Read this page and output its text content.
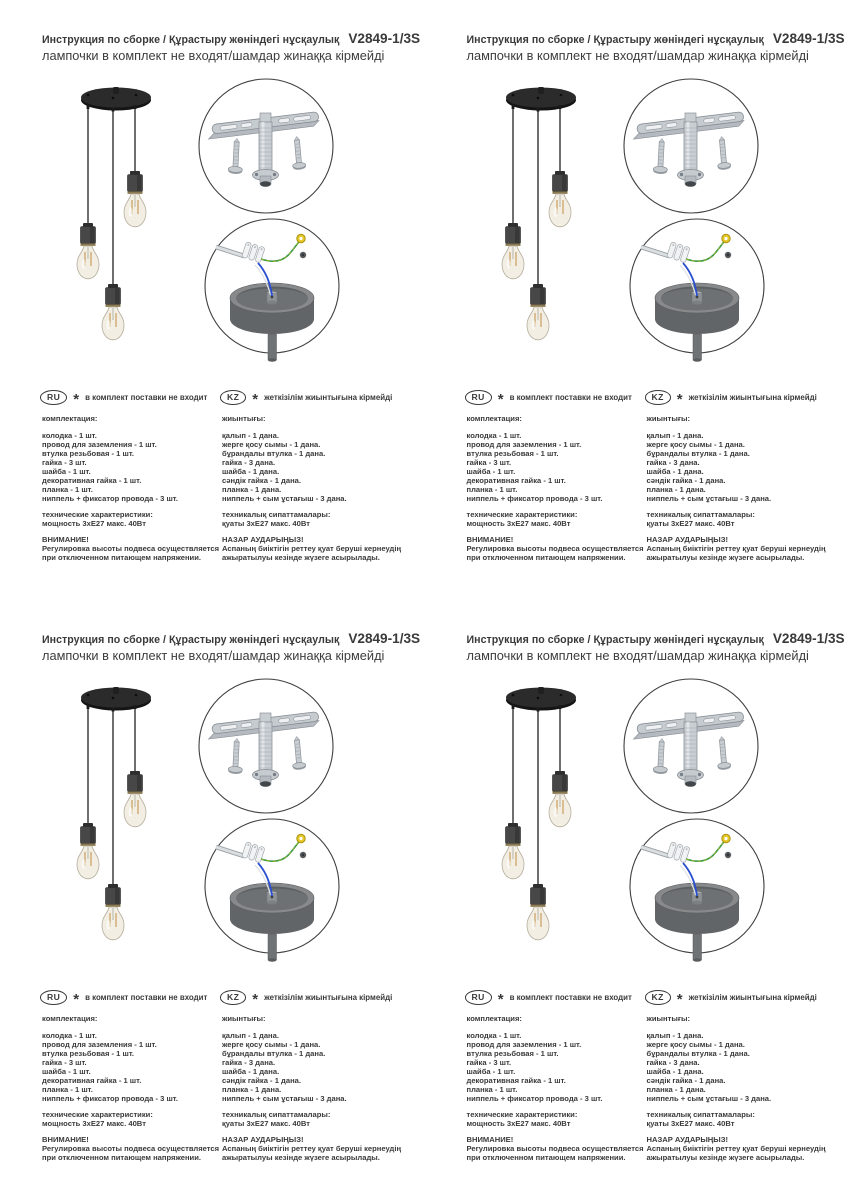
Инструкция по сборке / Құрастыру жөніндегі нұсқаулық V2849-1/3S
лампочки в комплект не входят/шамдар жинаққа кірмейді
RU * в комплект поставки не входит	KZ * жеткізілім жиынтығына кірмейді
комплектация:
колодка - 1 шт.
провод для заземления - 1 шт.
втулка резьбовая - 1 шт.
гайка - 3 шт.
шайба - 1 шт.
декоративная гайка - 1 шт.
планка - 1 шт.
ниппель + фиксатор провода - 3 шт.
технические характеристики:
мощность 3хЕ27 макс. 40Вт
ВНИМАНИЕ!
Регулировка высоты подвеса осуществляется при отключенном питающем напряжении.
жиынтығы:
қалып - 1 дана.
жерге қосу сымы - 1 дана.
бұрандалы втулка - 1 дана.
гайка - 3 дана.
шайба - 1 дана.
сәндік гайка - 1 дана.
планка - 1 дана.
ниппель + сым ұстағыш - 3 дана.
техникалық сипаттамалары:
қуаты 3хЕ27 макс. 40Вт
НАЗАР АУДАРЫҢЫЗ!
Аспаның биіктігін реттеу қуат беруші кернеудің ажыратылуы кезінде жүзеге асырылады.
Инструкция по сборке / Құрастыру жөніндегі нұсқаулық V2849-1/3S
лампочки в комплект не входят/шамдар жинаққа кірмейді
RU * в комплект поставки не входит	KZ * жеткізілім жиынтығына кірмейді
комплектация:
колодка - 1 шт.
провод для заземления - 1 шт.
втулка резьбовая - 1 шт.
гайка - 3 шт.
шайба - 1 шт.
декоративная гайка - 1 шт.
планка - 1 шт.
ниппель + фиксатор провода - 3 шт.
технические характеристики:
мощность 3хЕ27 макс. 40Вт
ВНИМАНИЕ!
Регулировка высоты подвеса осуществляется при отключенном питающем напряжении.
жиынтығы:
қалып - 1 дана.
жерге қосу сымы - 1 дана.
бұрандалы втулка - 1 дана.
гайка - 3 дана.
шайба - 1 дана.
сәндік гайка - 1 дана.
планка - 1 дана.
ниппель + сым ұстағыш - 3 дана.
техникалық сипаттамалары:
қуаты 3хЕ27 макс. 40Вт
НАЗАР АУДАРЫҢЫЗ!
Аспаның биіктігін реттеу қуат беруші кернеудің ажыратылуы кезінде жүзеге асырылады.
Инструкция по сборке / Құрастыру жөніндегі нұсқаулық V2849-1/3S
лампочки в комплект не входят/шамдар жинаққа кірмейді
RU * в комплект поставки не входит	KZ * жеткізілім жиынтығына кірмейді
комплектация:
колодка - 1 шт.
провод для заземления - 1 шт.
втулка резьбовая - 1 шт.
гайка - 3 шт.
шайба - 1 шт.
декоративная гайка - 1 шт.
планка - 1 шт.
ниппель + фиксатор провода - 3 шт.
технические характеристики:
мощность 3хЕ27 макс. 40Вт
ВНИМАНИЕ!
Регулировка высоты подвеса осуществляется при отключенном питающем напряжении.
жиынтығы:
қалып - 1 дана.
жерге қосу сымы - 1 дана.
бұрандалы втулка - 1 дана.
гайка - 3 дана.
шайба - 1 дана.
сәндік гайка - 1 дана.
планка - 1 дана.
ниппель + сым ұстағыш - 3 дана.
техникалық сипаттамалары:
қуаты 3хЕ27 макс. 40Вт
НАЗАР АУДАРЫҢЫЗ!
Аспаның биіктігін реттеу қуат беруші кернеудің ажыратылуы кезінде жүзеге асырылады.
Инструкция по сборке / Құрастыру жөніндегі нұсқаулық V2849-1/3S
лампочки в комплект не входят/шамдар жинаққа кірмейді
RU * в комплект поставки не входит	KZ * жеткізілім жиынтығына кірмейді
комплектация:
колодка - 1 шт.
провод для заземления - 1 шт.
втулка резьбовая - 1 шт.
гайка - 3 шт.
шайба - 1 шт.
декоративная гайка - 1 шт.
планка - 1 шт.
ниппель + фиксатор провода - 3 шт.
технические характеристики:
мощность 3хЕ27 макс. 40Вт
ВНИМАНИЕ!
Регулировка высоты подвеса осуществляется при отключенном питающем напряжении.
жиынтығы:
қалып - 1 дана.
жерге қосу сымы - 1 дана.
бұрандалы втулка - 1 дана.
гайка - 3 дана.
шайба - 1 дана.
сәндік гайка - 1 дана.
планка - 1 дана.
ниппель + сым ұстағыш - 3 дана.
техникалық сипаттамалары:
қуаты 3хЕ27 макс. 40Вт
НАЗАР АУДАРЫҢЫЗ!
Аспаның биіктігін реттеу қуат беруші кернеудің ажыратылуы кезінде жүзеге асырылады.
